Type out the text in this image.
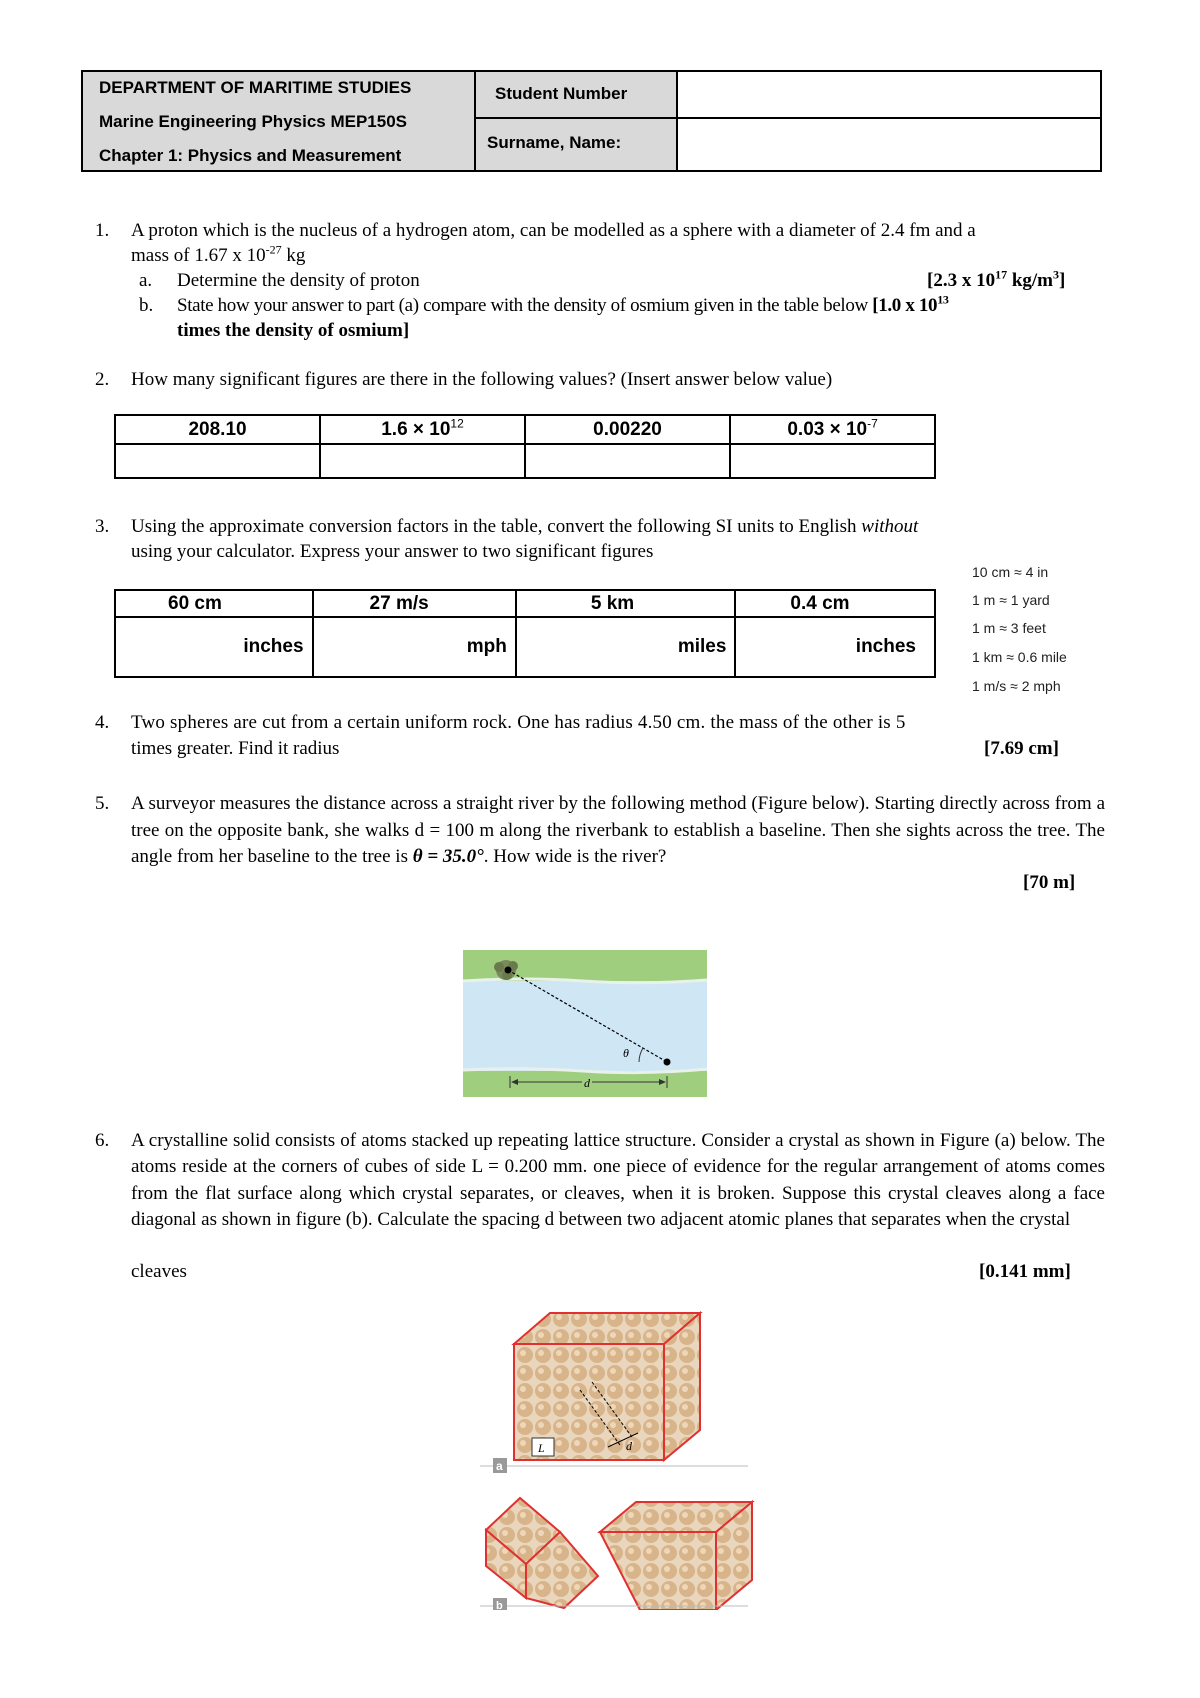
DEPARTMENT OF MARITIME STUDIES
Marine Engineering Physics MEP150S
Chapter 1: Physics and Measurement
Student Number
Surname, Name:
1.	A proton which is the nucleus of a hydrogen atom, can be modelled as a sphere with a diameter of 2.4 fm and a
mass of 1.67 x $10^{-27}$ kg
a. Determine the density of proton	[2.3 x $10^{17}$ $kg/m^3$]
b. State how your answer to part (a) compare with the density of osmium given in the table below [1.0 x $10^{13}$
times the density of osmium]
2.	How many significant figures are there in the following values? (Insert answer below value)
208.10	$1.6 \times 10^{12}$	0.00220	$0.03 \times 10^{-7}$

3.	Using the approximate conversion factors in the table, convert the following SI units to English without
using your calculator. Express your answer to two significant figures
60 cm	27 m/s	5 km	0.4 cm
inches	mph	miles	inches
10 cm ≈ 4 in
1 m ≈ 1 yard
1 m ≈ 3 feet
1 km ≈ 0.6 mile
1 m/s ≈ 2 mph
4.	Two spheres are cut from a certain uniform rock. One has radius 4.50 cm. the mass of the other is 5
times greater. Find it radius	[7.69 cm]
5.	A surveyor measures the distance across a straight river by the following method (Figure below). Starting directly across from a tree on the opposite bank, she walks d = 100 m along the riverbank to establish a baseline. Then she sights across the tree. The angle from her baseline to the tree is θ = 35.0°. How wide is the river?
[70 m]
θ
d
6.	A crystalline solid consists of atoms stacked up repeating lattice structure. Consider a crystal as shown in Figure (a) below. The atoms reside at the corners of cubes of side L = 0.200 mm. one piece of evidence for the regular arrangement of atoms comes from the flat surface along which crystal separates, or cleaves, when it is broken. Suppose this crystal cleaves along a face diagonal as shown in figure (b). Calculate the spacing d between two adjacent atomic planes that separates when the crystal
cleaves	[0.141 mm]
d
L
a
b
